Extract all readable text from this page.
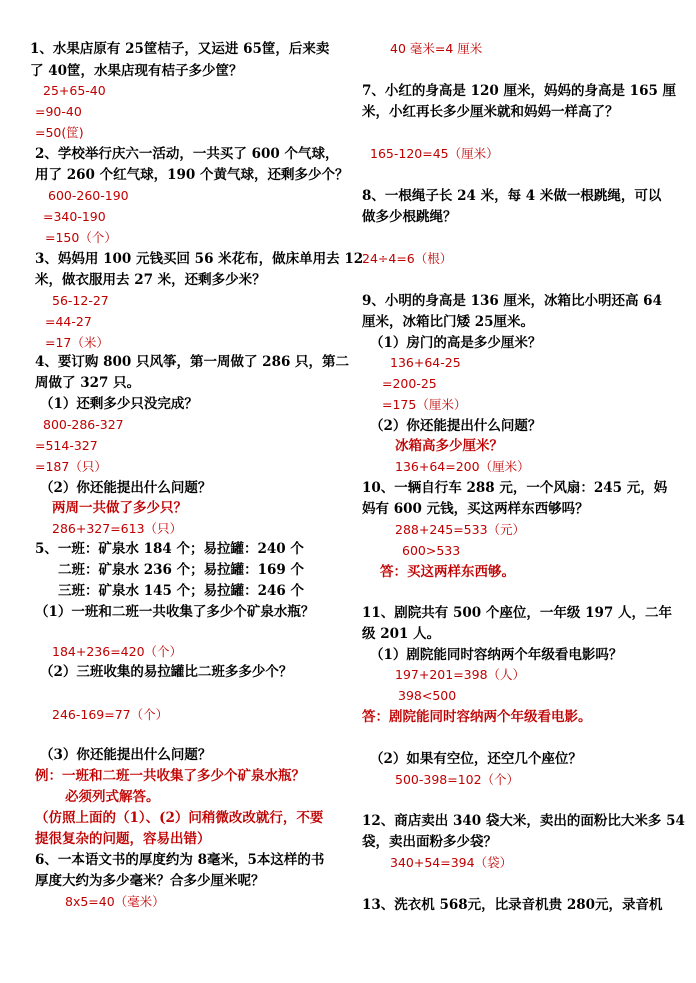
1、水果店原有 25筐桔子，又运进 65筐，后来卖
了 40筐，水果店现有桔子多少筐？
25+65-40
=90-40
=50(筐)
2、学校举行庆六一活动，一共买了 600 个气球，
用了 260 个红气球，190 个黄气球，还剩多少个？
600-260-190
=340-190
=150（个）
3、妈妈用 100 元钱买回 56 米花布，做床单用去 12
米，做衣服用去 27 米，还剩多少米？
56-12-27
=44-27
=17（米）
4、要订购 800 只风筝，第一周做了 286 只，第二
周做了 327 只。
（1）还剩多少只没完成？
800-286-327
=514-327
=187（只）
（2）你还能提出什么问题？
两周一共做了多少只？
286+327=613（只）
5、一班：矿泉水 184 个；易拉罐：240 个
二班：矿泉水 236 个；易拉罐：169 个
三班：矿泉水 145 个；易拉罐：246 个
（1）一班和二班一共收集了多少个矿泉水瓶？
184+236=420（个）
（2）三班收集的易拉罐比二班多多少个？
246-169=77（个）
（3）你还能提出什么问题？
例：一班和二班一共收集了多少个矿泉水瓶？
必须列式解答。
（仿照上面的（1）、(2）问稍微改改就行，不要
提很复杂的问题，容易出错）
6、一本语文书的厚度约为 8毫米，5本这样的书
厚度大约为多少毫米？合多少厘米呢？
8x5=40（毫米）
40 毫米=4 厘米
7、小红的身高是 120 厘米，妈妈的身高是 165 厘
米，小红再长多少厘米就和妈妈一样高了？
165-120=45（厘米）
8、一根绳子长 24 米，每 4 米做一根跳绳，可以
做多少根跳绳？
24÷4=6（根）
9、小明的身高是 136 厘米，冰箱比小明还高 64
厘米，冰箱比门矮 25厘米。
（1）房门的高是多少厘米？
136+64-25
=200-25
=175（厘米）
（2）你还能提出什么问题？
冰箱高多少厘米？
136+64=200（厘米）
10、一辆自行车 288 元，一个风扇：245 元，妈
妈有 600 元钱，买这两样东西够吗？
288+245=533（元）
600>533
答：买这两样东西够。
11、剧院共有 500 个座位，一年级 197 人，二年
级 201 人。
（1）剧院能同时容纳两个年级看电影吗？
197+201=398（人）
398<500
答：剧院能同时容纳两个年级看电影。
（2）如果有空位，还空几个座位？
500-398=102（个）
12、商店卖出 340 袋大米，卖出的面粉比大米多 54
袋，卖出面粉多少袋？
340+54=394（袋）
13、洗衣机 568元，比录音机贵 280元，录音机
